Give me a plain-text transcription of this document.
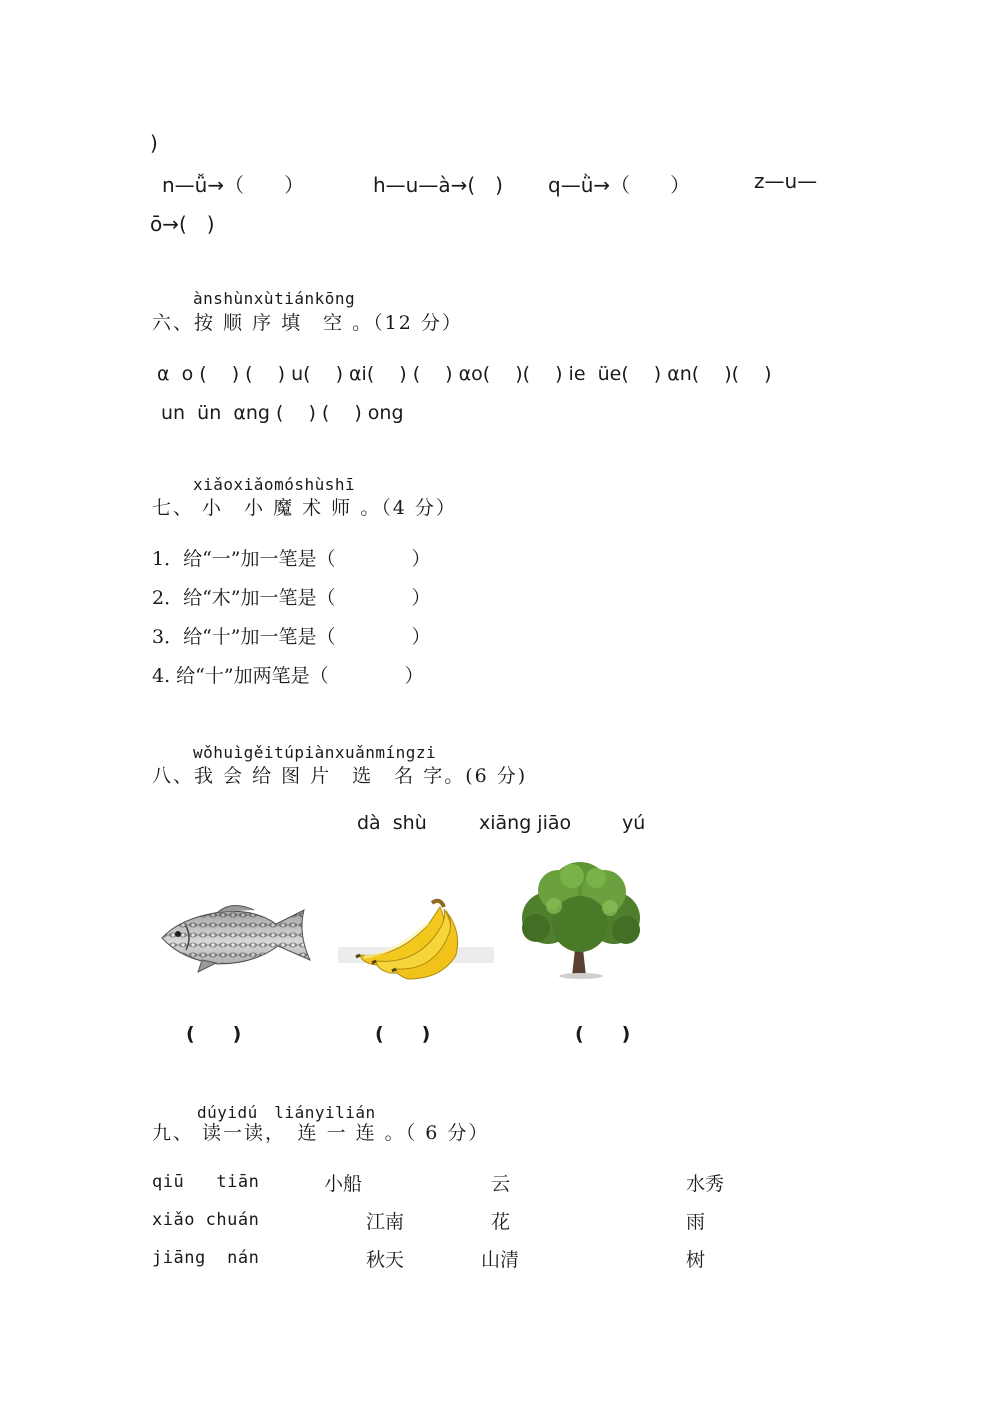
)
n—ǚ→（　　）	h—u—à→(　) q—ǜ→（　　）	z—u—
ō→(　)
ànshùnxùtiánkōng
六、按 顺 序 填　空 。（12 分）
α  o (　 ) (　 ) u(　 ) αi(　 ) (　 ) αo(　 )(　 ) ie  üe(　 ) αn(　 )(　 )
un  ün  αng (　 ) (　 ) ong
xiǎoxiǎomóshùshī
七、 小　小 魔 术 师 。（4 分）
1．给“一”加一笔是（　　　　）
2．给“木”加一笔是（　　　　）
3．给“十”加一笔是（　　　　）
4. 给“十”加两笔是（　　　　）
wǒhuìgěitúpiànxuǎnmíngzi
八、我 会 给 图 片　选　名 字。(6 分)
dà  shù	xiāng jiāo	yú
(　　)	(　　)	(　　)
dúyidú　liányilián
九、 读一读，　连 一 连 。（ 6 分）
qiū   tiān	小船	云	水秀
xiǎo chuán	江南	花	雨
jiāng  nán	秋天	山清	树
